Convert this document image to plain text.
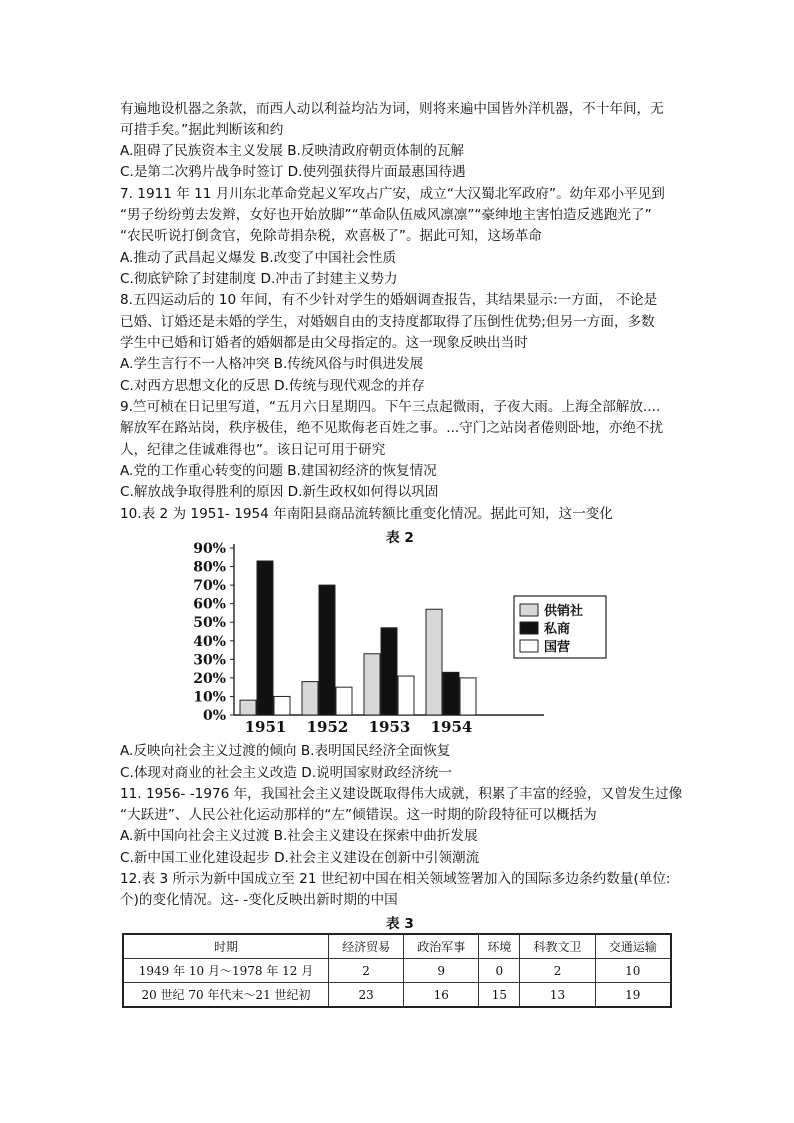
有遍地设机器之条款，而西人动以利益均沾为词，则将来遍中国皆外洋机器，不十年间，无
可措手矣。”据此判断该和约
A.阻碍了民族资本主义发展 B.反映清政府朝贡体制的瓦解
C.是第二次鸦片战争时签订 D.使列强获得片面最惠国待遇
7. 1911 年 11 月川东北革命党起义军攻占广安，成立“大汉蜀北军政府”。幼年邓小平见到
“男子纷纷剪去发辫，女好也开始放脚”“革命队伍威风凛凛”“豪绅地主害怕造反逃跑光了”
“农民听说打倒贪官，免除苛捐杂税，欢喜极了”。据此可知，这场革命
A.推动了武昌起义爆发 B.改变了中国社会性质
C.彻底铲除了封建制度 D.冲击了封建主义势力
8.五四运动后的 10 年间，有不少针对学生的婚姻调查报告，其结果显示:一方面， 不论是
已婚、订婚还是未婚的学生，对婚姻自由的支持度都取得了压倒性优势;但另一方面，多数
学生中已婚和订婚者的婚姻都是由父母指定的。这一现象反映出当时
A.学生言行不一人格冲突 B.传统风俗与时俱进发展
C.对西方思想文化的反思 D.传统与现代观念的并存
9.竺可桢在日记里写道，“五月六日星期四。下午三点起微雨，子夜大雨。上海全部解放....
解放军在路站岗，秩序极佳，绝不见欺侮老百姓之事。...守门之站岗者倦则卧地，亦绝不扰
人，纪律之佳诚难得也”。该日记可用于研究
A.党的工作重心转变的问题 B.建国初经济的恢复情况
C.解放战争取得胜利的原因 D.新生政权如何得以巩固
10.表 2 为 1951- 1954 年南阳县商品流转额比重变化情况。据此可知，这一变化
表 2
0%
10%
20%
30%
40%
50%
60%
70%
80%
90%
1951 1952 1953 1954
供销社
私商
国营
A.反映向社会主义过渡的倾向 B.表明国民经济全面恢复
C.体现对商业的社会主义改造 D.说明国家财政经济统一
11. 1956- -1976 年，我国社会主义建设既取得伟大成就，积累了丰富的经验，又曾发生过像
“大跃进”、人民公社化运动那样的“左”倾错误。这一时期的阶段特征可以概括为
A.新中国向社会主义过渡 B.社会主义建设在探索中曲折发展
C.新中国工业化建设起步 D.社会主义建设在创新中引领潮流
12.表 3 所示为新中国成立至 21 世纪初中国在相关领域签署加入的国际多边条约数量(单位:
个)的变化情况。这- -变化反映出新时期的中国
表 3
时期	经济贸易	政治军事	环境	科教文卫	交通运输
1949 年 10 月～1978 年 12 月	2	9	0	2	10
20 世纪 70 年代末～21 世纪初	23	16	15	13	19
